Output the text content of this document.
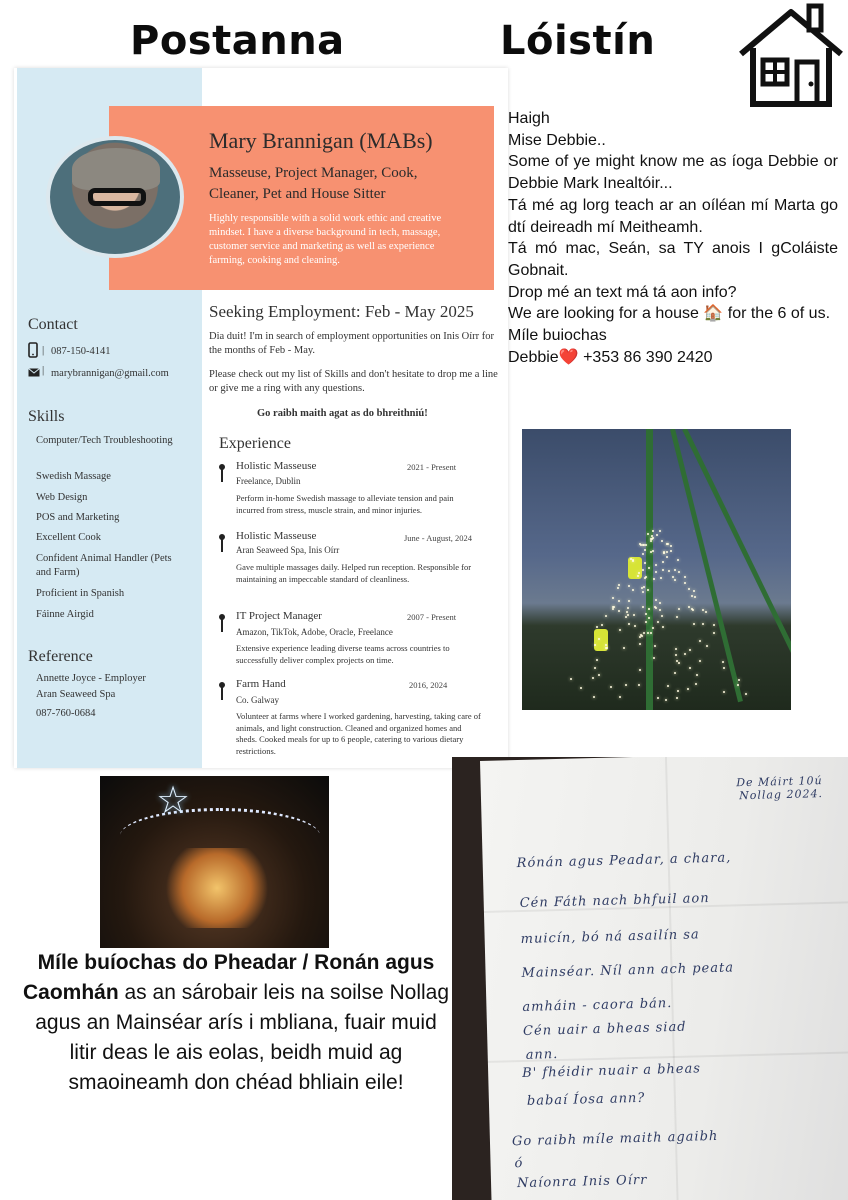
Postanna	Lóistín
Mary Brannigan (MABs)
Masseuse, Project Manager, Cook, Cleaner, Pet and House Sitter
Highly responsible with a solid work ethic and creative mindset. I have a diverse background in tech, massage, customer service and marketing as well as experience farming, cooking and cleaning.
Seeking Employment: Feb - May 2025
Dia duit! I'm in search of employment opportunities on Inis Oírr for the months of Feb - May.
Please check out my list of Skills and don't hesitate to drop me a line or give me a ring with any questions.
Go raibh maith agat as do bhreithniú!
Contact
| 087-150-4141
| marybrannigan@gmail.com
Skills
Computer/Tech Troubleshooting
Swedish Massage
Web Design
POS and Marketing
Excellent Cook
Confident Animal Handler (Pets and Farm)
Proficient in Spanish
Fáinne Airgid
Reference
Annette Joyce - Employer
Aran Seaweed Spa
087-760-0684
Experience
Holistic Masseuse	2021 - Present
Freelance, Dublin
Perform in-home Swedish massage to alleviate tension and pain incurred from stress, muscle strain, and minor injuries.
Holistic Masseuse	June - August, 2024
Aran Seaweed Spa, Inis Oírr
Gave multiple massages daily. Helped run reception. Responsible for maintaining an impeccable standard of cleanliness.
IT Project Manager	2007 - Present
Amazon, TikTok, Adobe, Oracle, Freelance
Extensive experience leading diverse teams across countries to successfully deliver complex projects on time.
Farm Hand	2016, 2024
Co. Galway
Volunteer at farms where I worked gardening, harvesting, taking care of animals, and light construction. Cleaned and organized homes and sheds. Cooked meals for up to 6 people, catering to various dietary restrictions.
Haigh
Mise Debbie..
Some of ye might know me as íoga Debbie or Debbie Mark Inealtóir...
Tá mé ag lorg teach ar an oíléan mí Marta go dtí deireadh mí Meitheamh.
Tá mó mac, Seán, sa TY anois I gColáiste Gobnait.
Drop mé an text má tá aon info?
We are looking for a house 🏠 for the 6 of us.
Míle buiochas
Debbie❤️ +353 86 390 2420
☆
Míle buíochas do Pheadar / Ronán agus Caomhán as an sárobair leis na soilse Nollag agus an Mainséar arís i mbliana, fuair muid litir deas le ais eolas, beidh muid ag smaoineamh don chéad bhliain eile!
De Máirt 10ú Nollag 2024.
Rónán agus Peadar, a chara,
Cén Fáth nach bhfuil aon
muicín, bó ná asailín sa
Mainséar. Níl ann ach peata
amháin - caora bán.
Cén uair a bheas siad
ann.
B' fhéidir nuair a bheas
babaí Íosa ann?
Go raibh míle maith agaibh
ó
Naíonra Inis Oírr
